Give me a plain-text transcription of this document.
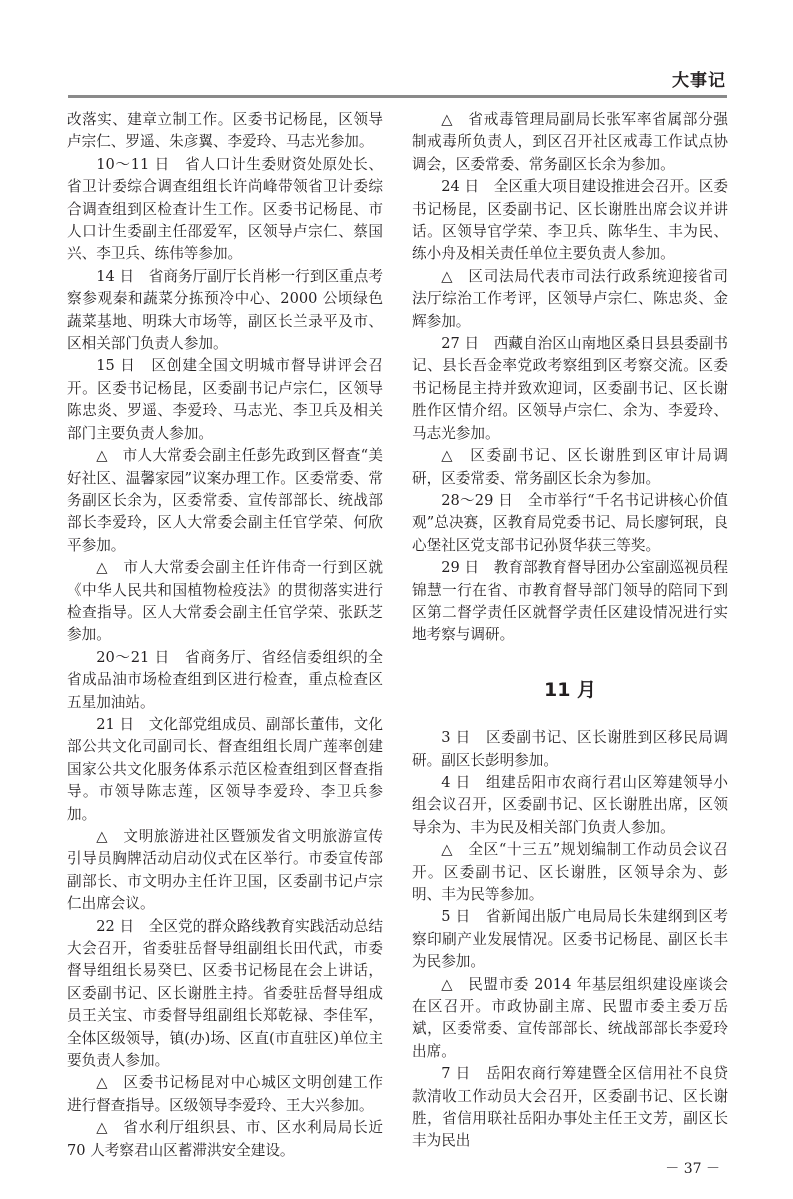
大事记

改落实、建章立制工作。区委书记杨昆，区领导卢宗仁、罗遥、朱彦翼、李爱玲、马志光参加。

10～11 日　省人口计生委财资处原处长、省卫计委综合调查组组长许尚峰带领省卫计委综合调查组到区检查计生工作。区委书记杨昆、市人口计生委副主任邵爱军，区领导卢宗仁、蔡国兴、李卫兵、练伟等参加。

14 日　省商务厅副厅长肖彬一行到区重点考察参观秦和蔬菜分拣预冷中心、2000 公顷绿色蔬菜基地、明珠大市场等，副区长兰录平及市、区相关部门负责人参加。

15 日　区创建全国文明城市督导讲评会召开。区委书记杨昆，区委副书记卢宗仁，区领导陈忠炎、罗遥、李爱玲、马志光、李卫兵及相关部门主要负责人参加。

△　市人大常委会副主任彭先政到区督查“美好社区、温馨家园”议案办理工作。区委常委、常务副区长余为，区委常委、宣传部部长、统战部部长李爱玲，区人大常委会副主任官学荣、何欣平参加。

△　市人大常委会副主任许伟奇一行到区就《中华人民共和国植物检疫法》的贯彻落实进行检查指导。区人大常委会副主任官学荣、张跃芝参加。

20～21 日　省商务厅、省经信委组织的全省成品油市场检查组到区进行检查，重点检查区五星加油站。

21 日　文化部党组成员、副部长董伟，文化部公共文化司副司长、督查组组长周广莲率创建国家公共文化服务体系示范区检查组到区督查指导。市领导陈志莲，区领导李爱玲、李卫兵参加。

△　文明旅游进社区暨颁发省文明旅游宣传引导员胸牌活动启动仪式在区举行。市委宣传部副部长、市文明办主任许卫国，区委副书记卢宗仁出席会议。

22 日　全区党的群众路线教育实践活动总结大会召开，省委驻岳督导组副组长田代武，市委督导组组长易癸巳、区委书记杨昆在会上讲话，区委副书记、区长谢胜主持。省委驻岳督导组成员王关宝、市委督导组副组长郑乾禄、李佳军，全体区级领导，镇(办)场、区直(市直驻区)单位主要负责人参加。

△　区委书记杨昆对中心城区文明创建工作进行督查指导。区级领导李爱玲、王大兴参加。

△　省水利厅组织县、市、区水利局局长近 70 人考察君山区蓄滞洪安全建设。

△　省戒毒管理局副局长张军率省属部分强制戒毒所负责人，到区召开社区戒毒工作试点协调会，区委常委、常务副区长余为参加。

24 日　全区重大项目建设推进会召开。区委书记杨昆，区委副书记、区长谢胜出席会议并讲话。区领导官学荣、李卫兵、陈华生、丰为民、练小舟及相关责任单位主要负责人参加。

△　区司法局代表市司法行政系统迎接省司法厅综治工作考评，区领导卢宗仁、陈忠炎、金辉参加。

27 日　西藏自治区山南地区桑日县县委副书记、县长吾金率党政考察组到区考察交流。区委书记杨昆主持并致欢迎词，区委副书记、区长谢胜作区情介绍。区领导卢宗仁、余为、李爱玲、马志光参加。

△　区委副书记、区长谢胜到区审计局调研，区委常委、常务副区长余为参加。

28～29 日　全市举行“千名书记讲核心价值观”总决赛，区教育局党委书记、局长廖钶珉，良心堡社区党支部书记孙贤华获三等奖。

29 日　教育部教育督导团办公室副巡视员程锦慧一行在省、市教育督导部门领导的陪同下到区第二督学责任区就督学责任区建设情况进行实地考察与调研。

11 月

3 日　区委副书记、区长谢胜到区移民局调研。副区长彭明参加。

4 日　组建岳阳市农商行君山区筹建领导小组会议召开，区委副书记、区长谢胜出席，区领导余为、丰为民及相关部门负责人参加。

△　全区“十三五”规划编制工作动员会议召开。区委副书记、区长谢胜，区领导余为、彭明、丰为民等参加。

5 日　省新闻出版广电局局长朱建纲到区考察印刷产业发展情况。区委书记杨昆、副区长丰为民参加。

△　民盟市委 2014 年基层组织建设座谈会在区召开。市政协副主席、民盟市委主委万岳斌，区委常委、宣传部部长、统战部部长李爱玲出席。

7 日　岳阳农商行筹建暨全区信用社不良贷款清收工作动员大会召开，区委副书记、区长谢胜，省信用联社岳阳办事处主任王文芳，副区长丰为民出

－ 37 －
